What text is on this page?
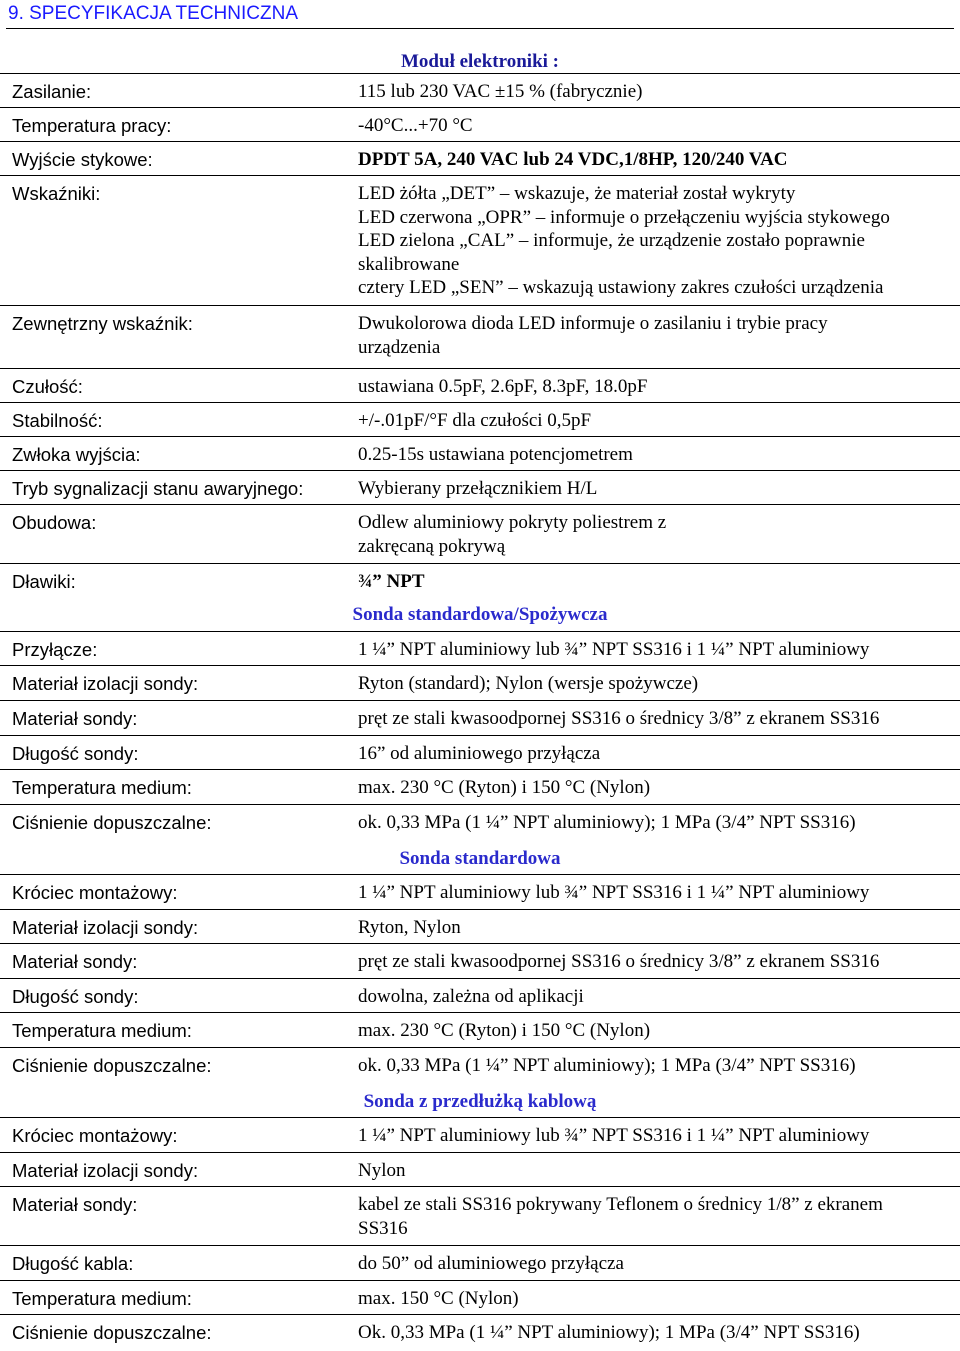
9. SPECYFIKACJA TECHNICZNA
Moduł elektroniki :
Zasilanie:	115 lub 230 VAC ±15 % (fabrycznie)
Temperatura pracy:	-40°C...+70 °C
Wyjście stykowe:	DPDT 5A, 240 VAC lub 24 VDC,1/8HP, 120/240 VAC
Wskaźniki:	LED żółta „DET” – wskazuje, że materiał został wykryty
LED czerwona „OPR” – informuje o przełączeniu wyjścia stykowego
LED zielona „CAL” – informuje, że urządzenie zostało poprawnie
skalibrowane
cztery LED „SEN” – wskazują ustawiony zakres czułości urządzenia
Zewnętrzny wskaźnik:	Dwukolorowa dioda LED informuje o zasilaniu i trybie pracy
urządzenia
Czułość:	ustawiana 0.5pF, 2.6pF, 8.3pF, 18.0pF
Stabilność:	+/-.01pF/°F dla czułości 0,5pF
Zwłoka wyjścia:	0.25-15s ustawiana potencjometrem
Tryb sygnalizacji stanu awaryjnego:	Wybierany przełącznikiem H/L
Obudowa:	Odlew aluminiowy pokryty poliestrem z
zakręcaną pokrywą
Dławiki:	¾” NPT
Sonda standardowa/Spożywcza
Przyłącze:	1 ¼” NPT aluminiowy lub ¾” NPT SS316 i 1 ¼” NPT aluminiowy
Materiał izolacji sondy:	Ryton (standard); Nylon (wersje spożywcze)
Materiał sondy:	pręt ze stali kwasoodpornej SS316 o średnicy 3/8” z ekranem SS316
Długość sondy:	16” od aluminiowego przyłącza
Temperatura medium:	max. 230 °C (Ryton) i 150 °C (Nylon)
Ciśnienie dopuszczalne:	ok. 0,33 MPa (1 ¼” NPT aluminiowy); 1 MPa (3/4” NPT SS316)
Sonda standardowa
Króciec montażowy:	1 ¼” NPT aluminiowy lub ¾” NPT SS316 i 1 ¼” NPT aluminiowy
Materiał izolacji sondy:	Ryton, Nylon
Materiał sondy:	pręt ze stali kwasoodpornej SS316 o średnicy 3/8” z ekranem SS316
Długość sondy:	dowolna, zależna od aplikacji
Temperatura medium:	max. 230 °C (Ryton) i 150 °C (Nylon)
Ciśnienie dopuszczalne:	ok. 0,33 MPa (1 ¼” NPT aluminiowy); 1 MPa (3/4” NPT SS316)
Sonda z przedłużką kablową
Króciec montażowy:	1 ¼” NPT aluminiowy lub ¾” NPT SS316 i 1 ¼” NPT aluminiowy
Materiał izolacji sondy:	Nylon
Materiał sondy:	kabel ze stali SS316 pokrywany Teflonem o średnicy 1/8” z ekranem
SS316
Długość kabla:	do 50” od aluminiowego przyłącza
Temperatura medium:	max. 150 °C (Nylon)
Ciśnienie dopuszczalne:	Ok. 0,33 MPa (1 ¼” NPT aluminiowy); 1 MPa (3/4” NPT SS316)
